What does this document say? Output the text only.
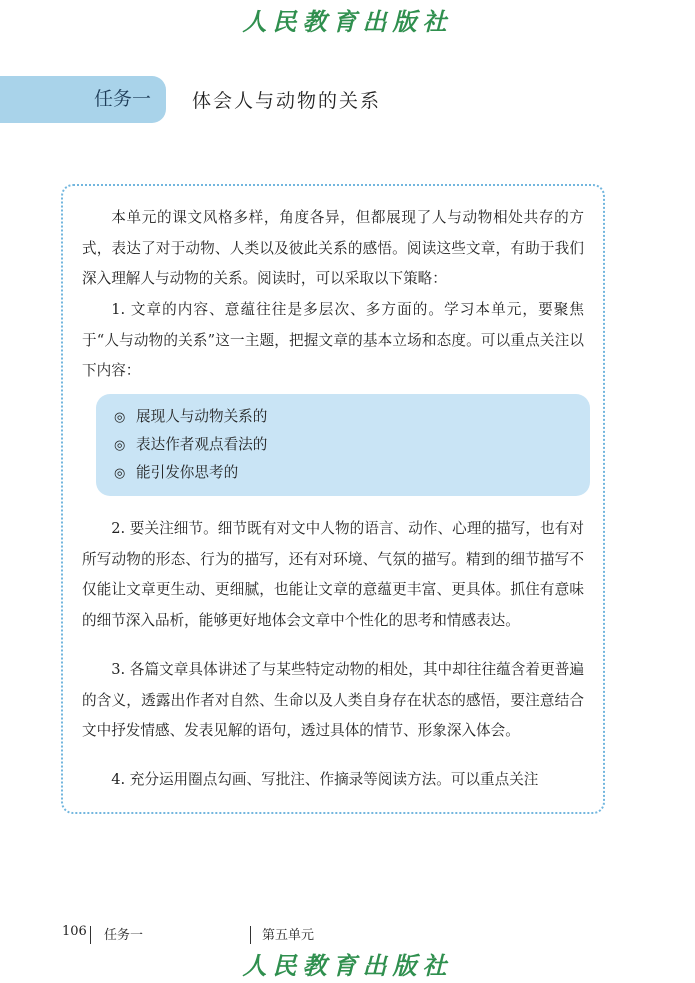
人民教育出版社
任务一	体会人与动物的关系

本单元的课文风格多样，角度各异，但都展现了人与动物相处共存的方式，表达了对于动物、人类以及彼此关系的感悟。阅读这些文章，有助于我们深入理解人与动物的关系。阅读时，可以采取以下策略：

1. 文章的内容、意蕴往往是多层次、多方面的。学习本单元，要聚焦于“人与动物的关系”这一主题，把握文章的基本立场和态度。可以重点关注以下内容：

◎ 展现人与动物关系的
◎ 表达作者观点看法的
◎ 能引发你思考的

2. 要关注细节。细节既有对文中人物的语言、动作、心理的描写，也有对所写动物的形态、行为的描写，还有对环境、气氛的描写。精到的细节描写不仅能让文章更生动、更细腻，也能让文章的意蕴更丰富、更具体。抓住有意味的细节深入品析，能够更好地体会文章中个性化的思考和情感表达。

3. 各篇文章具体讲述了与某些特定动物的相处，其中却往往蕴含着更普遍的含义，透露出作者对自然、生命以及人类自身存在状态的感悟，要注意结合文中抒发情感、发表见解的语句，透过具体的情节、形象深入体会。

4. 充分运用圈点勾画、写批注、作摘录等阅读方法。可以重点关注

106 任务一	第五单元
人民教育出版社
